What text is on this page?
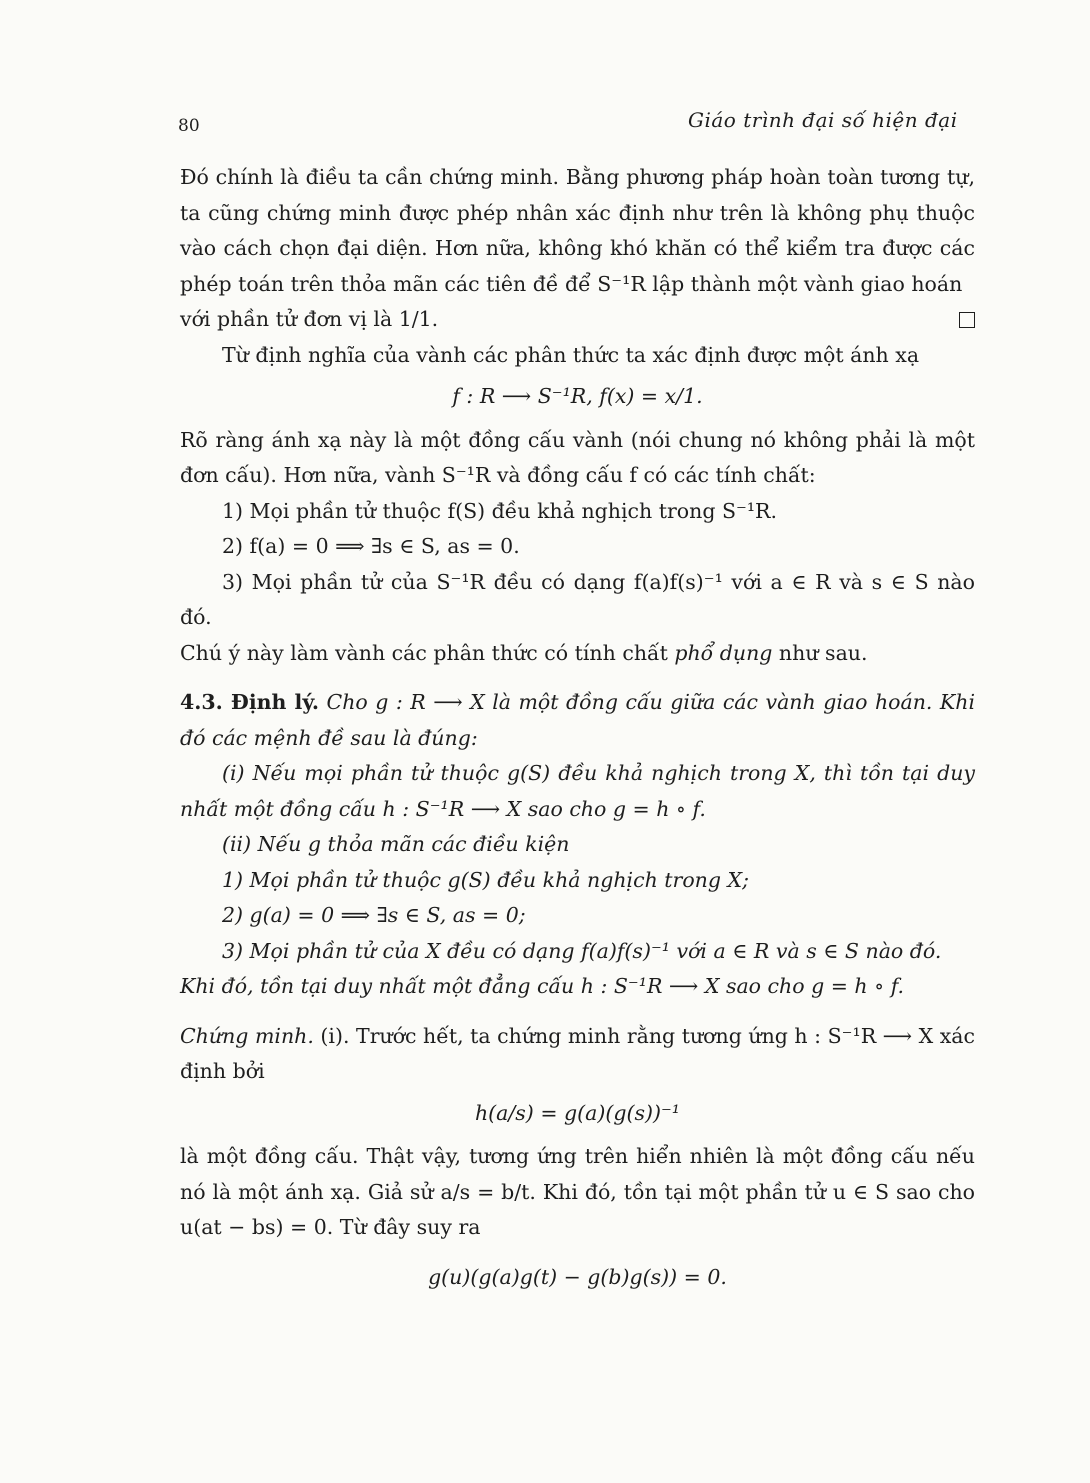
80	Giáo trình đại số hiện đại

Đó chính là điều ta cần chứng minh. Bằng phương pháp hoàn toàn tương tự, ta cũng chứng minh được phép nhân xác định như trên là không phụ thuộc vào cách chọn đại diện. Hơn nữa, không khó khăn có thể kiểm tra được các phép toán trên thỏa mãn các tiên đề để S⁻¹R lập thành một vành giao hoán

với phần tử đơn vị là 1/1.

Từ định nghĩa của vành các phân thức ta xác định được một ánh xạ

f : R ⟶ S⁻¹R, f(x) = x/1.

Rõ ràng ánh xạ này là một đồng cấu vành (nói chung nó không phải là một đơn cấu). Hơn nữa, vành S⁻¹R và đồng cấu f có các tính chất:

1) Mọi phần tử thuộc f(S) đều khả nghịch trong S⁻¹R.

2) f(a) = 0 ⟹ ∃s ∈ S, as = 0.

3) Mọi phần tử của S⁻¹R đều có dạng f(a)f(s)⁻¹ với a ∈ R và s ∈ S nào đó.

Chú ý này làm vành các phân thức có tính chất phổ dụng như sau.

4.3. Định lý. Cho g : R ⟶ X là một đồng cấu giữa các vành giao hoán. Khi đó các mệnh đề sau là đúng:

(i) Nếu mọi phần tử thuộc g(S) đều khả nghịch trong X, thì tồn tại duy nhất một đồng cấu h : S⁻¹R ⟶ X sao cho g = h ∘ f.

(ii) Nếu g thỏa mãn các điều kiện

1) Mọi phần tử thuộc g(S) đều khả nghịch trong X;

2) g(a) = 0 ⟹ ∃s ∈ S, as = 0;

3) Mọi phần tử của X đều có dạng f(a)f(s)⁻¹ với a ∈ R và s ∈ S nào đó.

Khi đó, tồn tại duy nhất một đẳng cấu h : S⁻¹R ⟶ X sao cho g = h ∘ f.

Chứng minh. (i). Trước hết, ta chứng minh rằng tương ứng h : S⁻¹R ⟶ X xác định bởi

h(a/s) = g(a)(g(s))⁻¹

là một đồng cấu. Thật vậy, tương ứng trên hiển nhiên là một đồng cấu nếu nó là một ánh xạ. Giả sử a/s = b/t. Khi đó, tồn tại một phần tử u ∈ S sao cho u(at − bs) = 0. Từ đây suy ra

g(u)(g(a)g(t) − g(b)g(s)) = 0.
